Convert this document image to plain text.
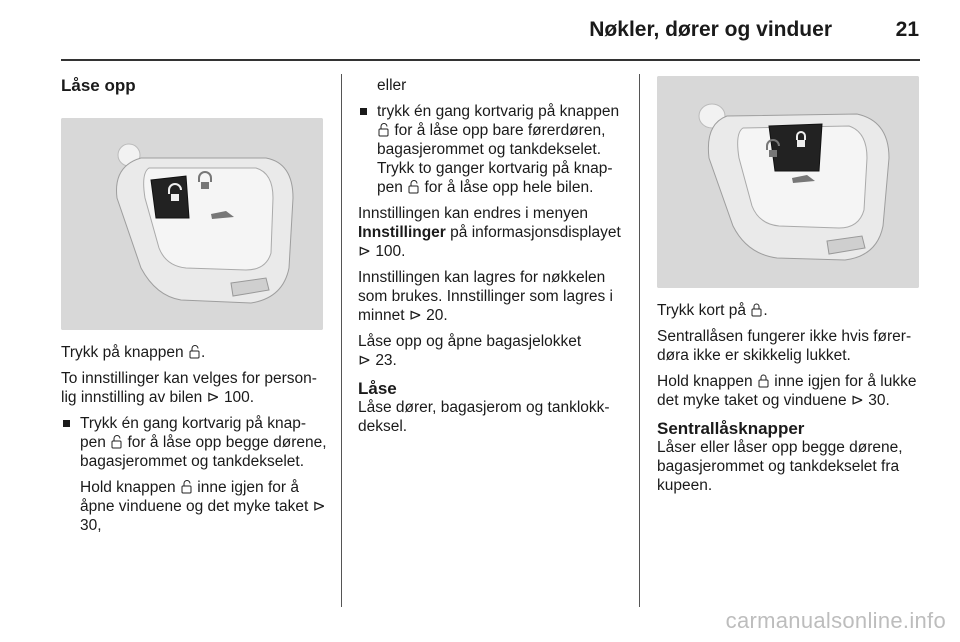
Nøkler, dører og vinduer	21
Låse opp

Trykk på knappen .

To innstillinger kan velges for person-lig innstilling av bilen ⊳ 100.

Trykk én gang kortvarig på knap-pen for å låse opp begge dørene, bagasjerommet og tankdekselet.

Hold knappen inne igjen for å åpne vinduene og det myke taket ⊳ 30,

eller

trykk én gang kortvarig på knappen  for å låse opp bare førerdøren, bagasjerommet og tankdekselet. Trykk to ganger kortvarig på knap-pen for å låse opp hele bilen.

Innstillingen kan endres i menyen Innstillinger på informasjonsdisplayet ⊳ 100.

Innstillingen kan lagres for nøkkelen som brukes. Innstillinger som lagres i minnet ⊳ 20.

Låse opp og åpne bagasjelokket
⊳ 23.

Låse

Låse dører, bagasjerom og tanklokk-deksel.

Trykk kort på .

Sentrallåsen fungerer ikke hvis fører-døra ikke er skikkelig lukket.

Hold knappen inne igjen for å lukke det myke taket og vinduene ⊳ 30.

Sentrallåsknapper

Låser eller låser opp begge dørene, bagasjerommet og tankdekselet fra kupeen.

carmanualsonline.info
